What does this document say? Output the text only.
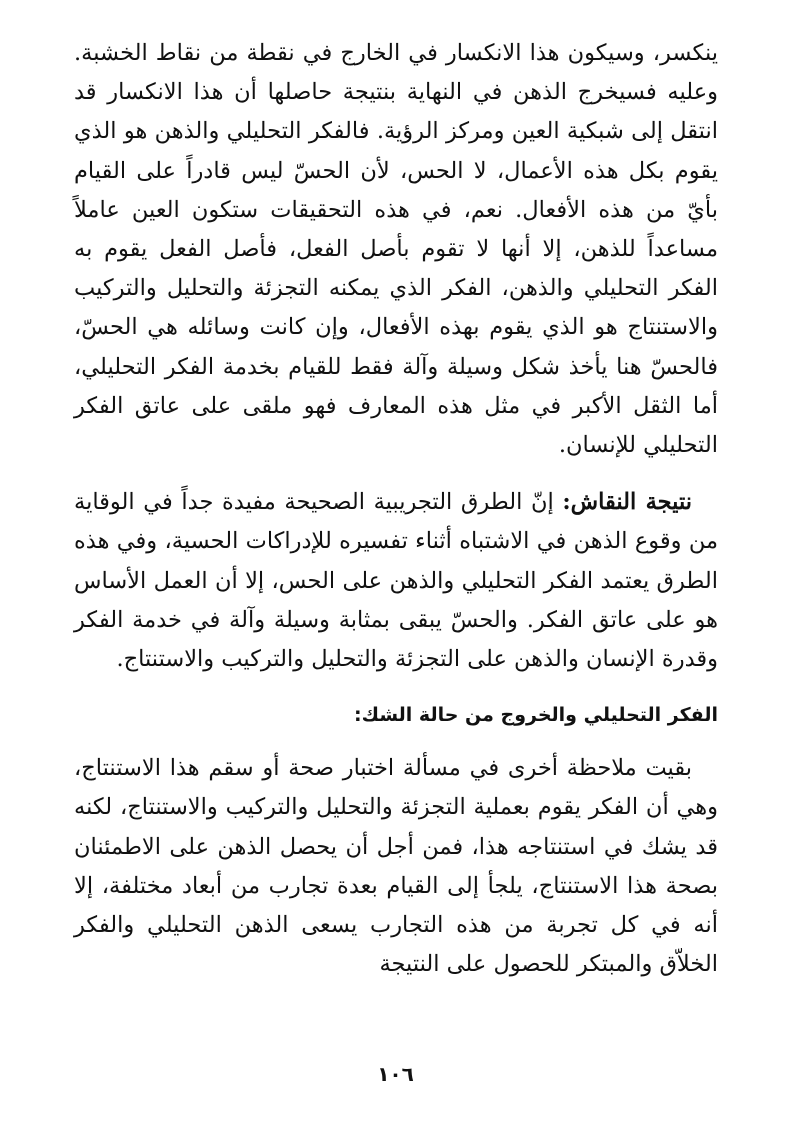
ينكسر، وسيكون هذا الانكسار في الخارج في نقطة من نقاط الخشبة. وعليه فسيخرج الذهن في النهاية بنتيجة حاصلها أن هذا الانكسار قد انتقل إلى شبكية العين ومركز الرؤية. فالفكر التحليلي والذهن هو الذي يقوم بكل هذه الأعمال، لا الحس، لأن الحسّ ليس قادراً على القيام بأيّ من هذه الأفعال. نعم، في هذه التحقيقات ستكون العين عاملاً مساعداً للذهن، إلا أنها لا تقوم بأصل الفعل، فأصل الفعل يقوم به الفكر التحليلي والذهن، الفكر الذي يمكنه التجزئة والتحليل والتركيب والاستنتاج هو الذي يقوم بهذه الأفعال، وإن كانت وسائله هي الحسّ، فالحسّ هنا يأخذ شكل وسيلة وآلة فقط للقيام بخدمة الفكر التحليلي، أما الثقل الأكبر في مثل هذه المعارف فهو ملقى على عاتق الفكر التحليلي للإنسان.

نتيجة النقاش: إنّ الطرق التجريبية الصحيحة مفيدة جداً في الوقاية من وقوع الذهن في الاشتباه أثناء تفسيره للإدراكات الحسية، وفي هذه الطرق يعتمد الفكر التحليلي والذهن على الحس، إلا أن العمل الأساس هو على عاتق الفكر. والحسّ يبقى بمثابة وسيلة وآلة في خدمة الفكر وقدرة الإنسان والذهن على التجزئة والتحليل والتركيب والاستنتاج.

الفكر التحليلي والخروج من حالة الشك:

بقيت ملاحظة أخرى في مسألة اختبار صحة أو سقم هذا الاستنتاج، وهي أن الفكر يقوم بعملية التجزئة والتحليل والتركيب والاستنتاج، لكنه قد يشك في استنتاجه هذا، فمن أجل أن يحصل الذهن على الاطمئنان بصحة هذا الاستنتاج، يلجأ إلى القيام بعدة تجارب من أبعاد مختلفة، إلا أنه في كل تجربة من هذه التجارب يسعى الذهن التحليلي والفكر الخلاّق والمبتكر للحصول على النتيجة

١٠٦
